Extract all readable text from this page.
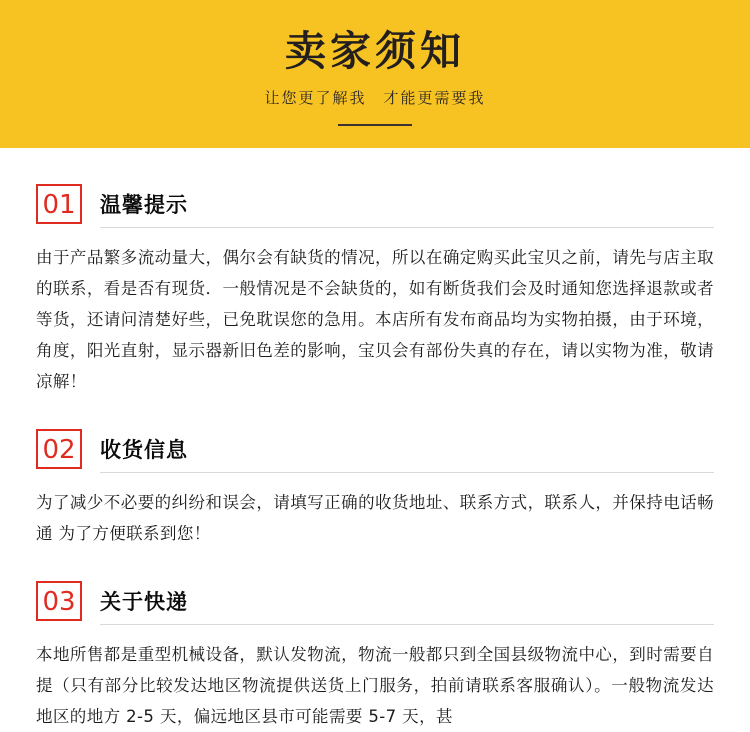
卖家须知
让您更了解我　才能更需要我
01	温馨提示
由于产品繁多流动量大，偶尔会有缺货的情况，所以在确定购买此宝贝之前，请先与店主取的联系，看是否有现货．一般情况是不会缺货的，如有断货我们会及时通知您选择退款或者等货，还请问清楚好些，已免耽误您的急用。本店所有发布商品均为实物拍摄，由于环境，角度，阳光直射，显示器新旧色差的影响，宝贝会有部份失真的存在，请以实物为准，敬请凉解！
02	收货信息
为了减少不必要的纠纷和误会，请填写正确的收货地址、联系方式，联系人，并保持电话畅通 为了方便联系到您！
03	关于快递
本地所售都是重型机械设备，默认发物流，物流一般都只到全国县级物流中心，到时需要自提（只有部分比较发达地区物流提供送货上门服务，拍前请联系客服确认）。一般物流发达地区的地方 2-5 天，偏远地区县市可能需要 5-7 天，甚
